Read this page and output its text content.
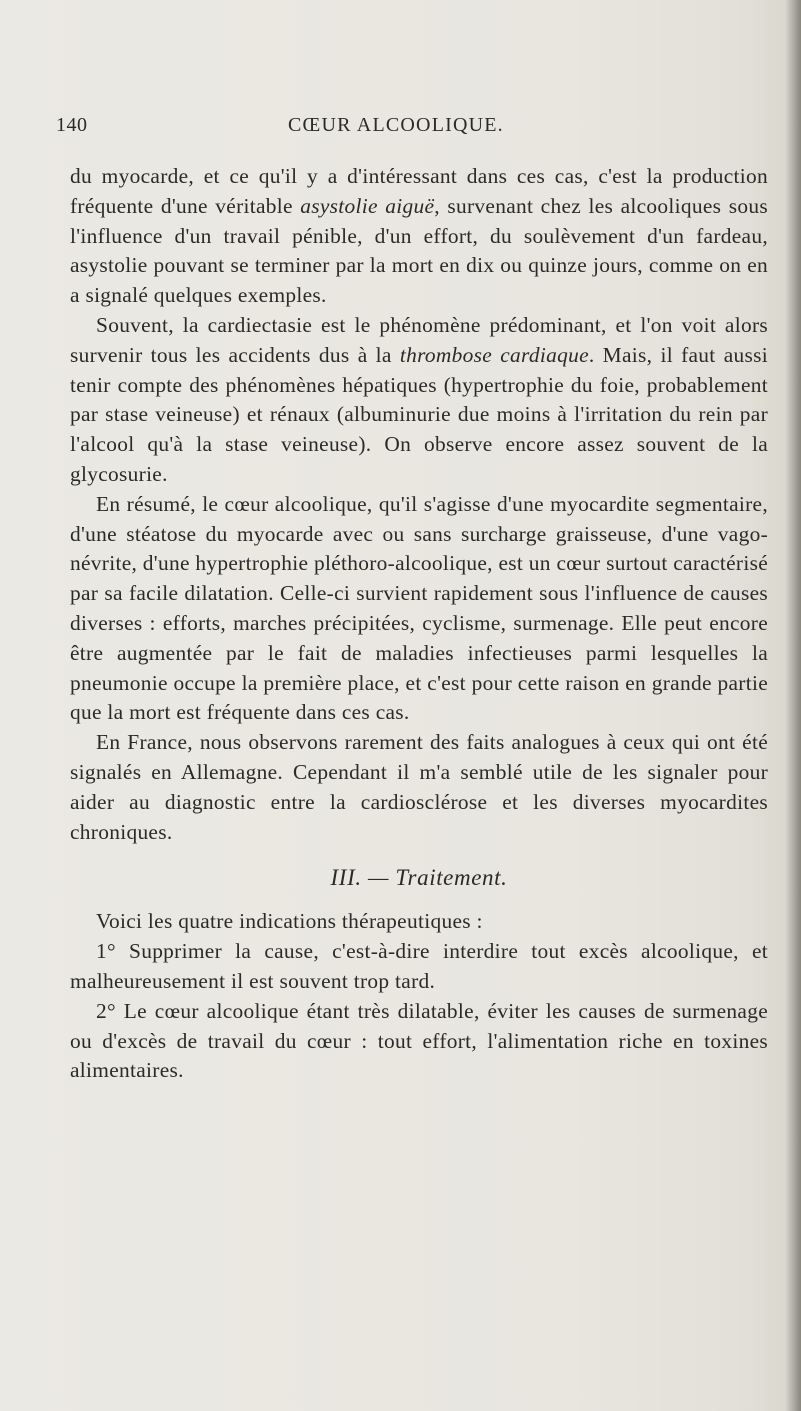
140	CŒUR ALCOOLIQUE.

du myocarde, et ce qu'il y a d'intéressant dans ces cas, c'est la production fréquente d'une véritable asystolie aiguë, survenant chez les alcooliques sous l'influence d'un travail pénible, d'un effort, du soulèvement d'un fardeau, asystolie pouvant se terminer par la mort en dix ou quinze jours, comme on en a signalé quelques exemples.

Souvent, la cardiectasie est le phénomène prédominant, et l'on voit alors survenir tous les accidents dus à la thrombose cardiaque. Mais, il faut aussi tenir compte des phénomènes hépatiques (hypertrophie du foie, probablement par stase veineuse) et rénaux (albuminurie due moins à l'irritation du rein par l'alcool qu'à la stase veineuse). On observe encore assez souvent de la glycosurie.

En résumé, le cœur alcoolique, qu'il s'agisse d'une myocardite segmentaire, d'une stéatose du myocarde avec ou sans surcharge graisseuse, d'une vago-névrite, d'une hypertrophie pléthoro-alcoolique, est un cœur surtout caractérisé par sa facile dilatation. Celle-ci survient rapidement sous l'influence de causes diverses : efforts, marches précipitées, cyclisme, surmenage. Elle peut encore être augmentée par le fait de maladies infectieuses parmi lesquelles la pneumonie occupe la première place, et c'est pour cette raison en grande partie que la mort est fréquente dans ces cas.

En France, nous observons rarement des faits analogues à ceux qui ont été signalés en Allemagne. Cependant il m'a semblé utile de les signaler pour aider au diagnostic entre la cardiosclérose et les diverses myocardites chroniques.

III. — Traitement.

Voici les quatre indications thérapeutiques :

1° Supprimer la cause, c'est-à-dire interdire tout excès alcoolique, et malheureusement il est souvent trop tard.

2° Le cœur alcoolique étant très dilatable, éviter les causes de surmenage ou d'excès de travail du cœur : tout effort, l'alimentation riche en toxines alimentaires.
